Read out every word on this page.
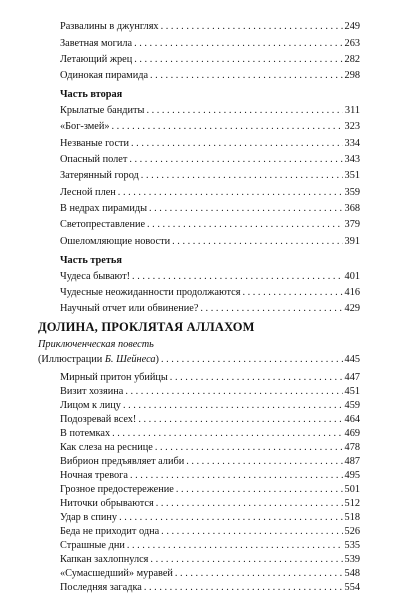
Развалины в джунглях . . .	249
Заветная могила . . .	263
Летающий жрец . . .	282
Одинокая пирамида . . .	298
Часть вторая
Крылатые бандиты . . .	311
«Бог-змей» . . .	323
Незваные гости . . .	334
Опасный полет . . .	343
Затерянный город . . .	351
Лесной плен . . .	359
В недрах пирамиды . . .	368
Светопреставление . . .	379
Ошеломляющие новости . . .	391
Часть третья
Чудеса бывают! . . .	401
Чудесные неожиданности продолжаются . . .	416
Научный отчет или обвинение? . . .	429
ДОЛИНА, ПРОКЛЯТАЯ АЛЛАХОМ
Приключенческая повесть
(Иллюстрации Б. Шейнеса) . . .	445
Мирный притон убийцы . . .	447
Визит хозяина . . .	451
Лицом к лицу . . .	459
Подозревай всех! . . .	464
В потемках . . .	469
Как слеза на реснице . . .	478
Вибрион предъявляет алиби . . .	487
Ночная тревога . . .	495
Грозное предостережение . . .	501
Ниточки обрываются . . .	512
Удар в спину . . .	518
Беда не приходит одна . . .	526
Страшные дни . . .	535
Капкан захлопнулся . . .	539
«Сумасшедший» муравей . . .	548
Последняя загадка . . .	554
